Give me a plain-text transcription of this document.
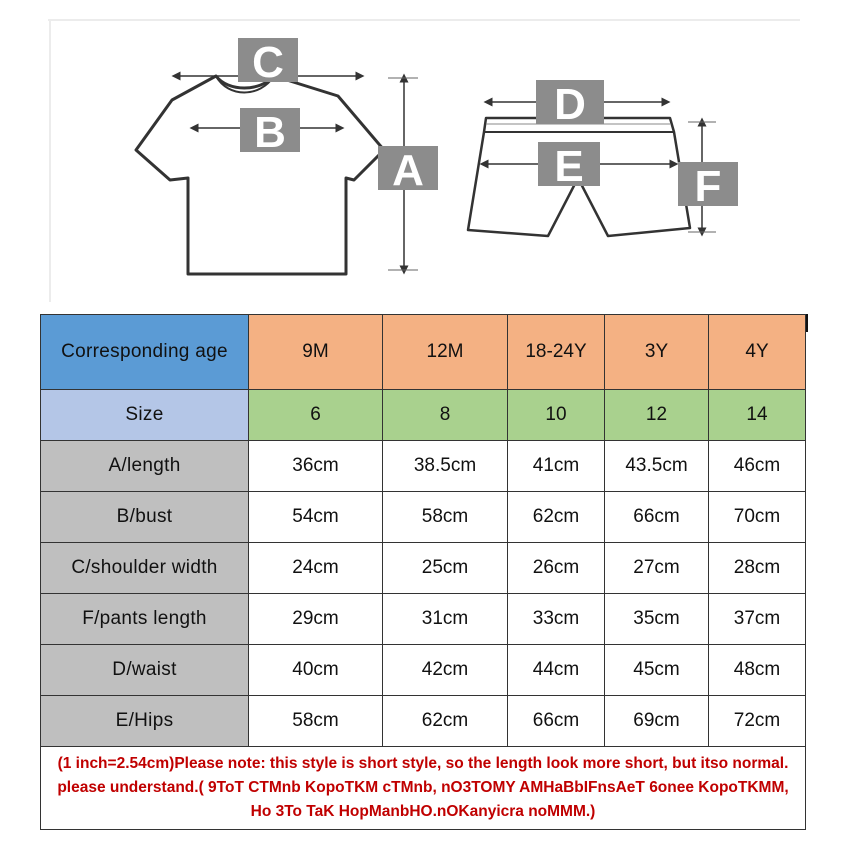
C
B
A
D
E	F
Corresponding age	9M	12M	18-24Y	3Y	4Y
Size	6	8	10	12	14
A/length	36cm	38.5cm	41cm	43.5cm	46cm
B/bust	54cm	58cm	62cm	66cm	70cm
C/shoulder width	24cm	25cm	26cm	27cm	28cm
F/pants length	29cm	31cm	33cm	35cm	37cm
D/waist	40cm	42cm	44cm	45cm	48cm
E/Hips	58cm	62cm	66cm	69cm	72cm
(1 inch=2.54cm)Please note: this style is short style, so the length look more short, but itso normal. please understand.( 9ToT CTMnb KopoTKM cTMnb, nO3TOMY AMHaBbIFnsAeT 6onee KopoTKMM, Ho 3To TaK HopManbHO.nOKanyicra noMMM.)					
